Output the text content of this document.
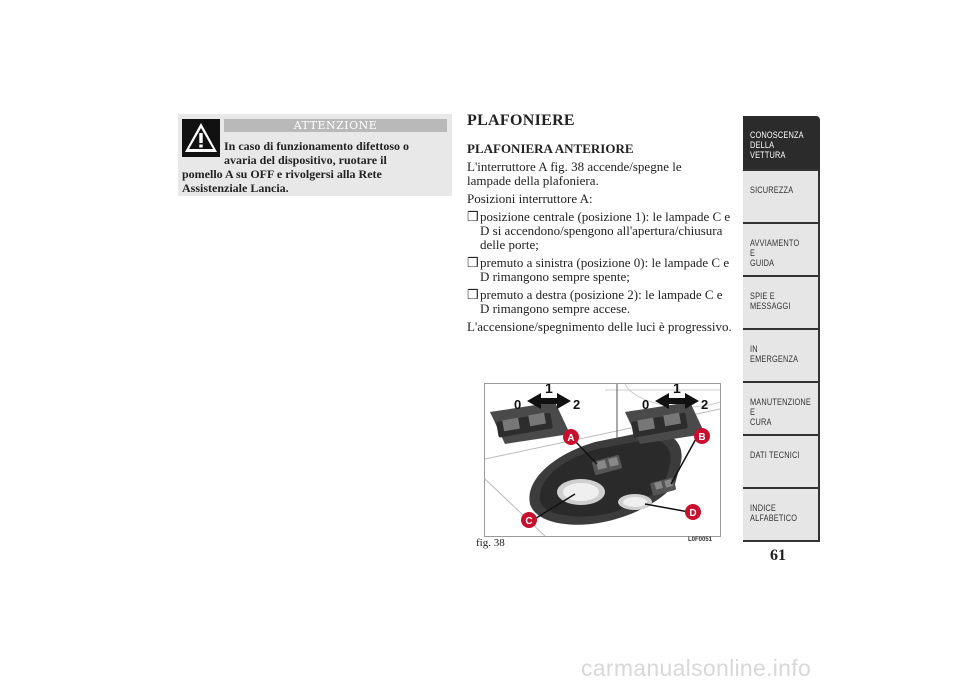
ATTENZIONE
In caso di funzionamento difettoso o
avaria del dispositivo, ruotare il
pomello A su OFF e rivolgersi alla Rete
Assistenziale Lancia.
PLAFONIERE
PLAFONIERA ANTERIORE
L'interruttore A fig. 38 accende/spegne le
lampade della plafoniera.
Posizioni interruttore A:
❒posizione centrale (posizione 1): le lampade C e
D si accendono/spengono all'apertura/chiusura
delle porte;
❒premuto a sinistra (posizione 0): le lampade C e
D rimangono sempre spente;
❒premuto a destra (posizione 2): le lampade C e
D rimangono sempre accese.
L'accensione/spegnimento delle luci è progressivo.
0
1
2	0
1
2
A	B
C
D
fig. 38	L0F0051
CONOSCENZA
DELLA VETTURA
SICUREZZA
AVVIAMENTO E
GUIDA
SPIE E MESSAGGI
IN EMERGENZA
MANUTENZIONE E
CURA
DATI TECNICI
INDICE
ALFABETICO
61
carmanualsonline.info
